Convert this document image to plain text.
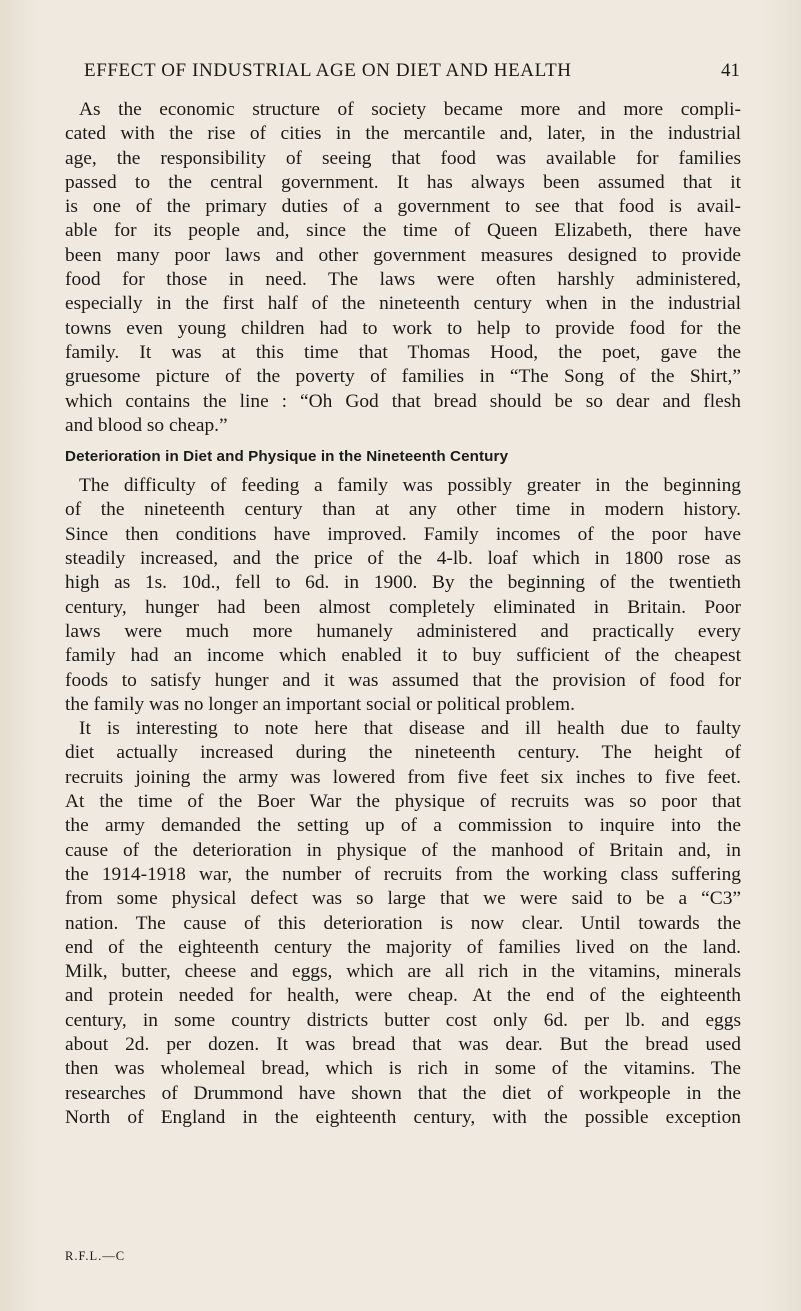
EFFECT OF INDUSTRIAL AGE ON DIET AND HEALTH	41
As the economic structure of society became more and more compli-
cated with the rise of cities in the mercantile and, later, in the industrial
age, the responsibility of seeing that food was available for families
passed to the central government. It has always been assumed that it
is one of the primary duties of a government to see that food is avail-
able for its people and, since the time of Queen Elizabeth, there have
been many poor laws and other government measures designed to provide
food for those in need. The laws were often harshly administered,
especially in the first half of the nineteenth century when in the industrial
towns even young children had to work to help to provide food for the
family. It was at this time that Thomas Hood, the poet, gave the
gruesome picture of the poverty of families in “The Song of the Shirt,”
which contains the line : “Oh God that bread should be so dear and flesh
and blood so cheap.”
Deterioration in Diet and Physique in the Nineteenth Century
The difficulty of feeding a family was possibly greater in the beginning
of the nineteenth century than at any other time in modern history.
Since then conditions have improved. Family incomes of the poor have
steadily increased, and the price of the 4-lb. loaf which in 1800 rose as
high as 1s. 10d., fell to 6d. in 1900. By the beginning of the twentieth
century, hunger had been almost completely eliminated in Britain. Poor
laws were much more humanely administered and practically every
family had an income which enabled it to buy sufficient of the cheapest
foods to satisfy hunger and it was assumed that the provision of food for
the family was no longer an important social or political problem.
It is interesting to note here that disease and ill health due to faulty
diet actually increased during the nineteenth century. The height of
recruits joining the army was lowered from five feet six inches to five feet.
At the time of the Boer War the physique of recruits was so poor that
the army demanded the setting up of a commission to inquire into the
cause of the deterioration in physique of the manhood of Britain and, in
the 1914-1918 war, the number of recruits from the working class suffering
from some physical defect was so large that we were said to be a “C3”
nation. The cause of this deterioration is now clear. Until towards the
end of the eighteenth century the majority of families lived on the land.
Milk, butter, cheese and eggs, which are all rich in the vitamins, minerals
and protein needed for health, were cheap. At the end of the eighteenth
century, in some country districts butter cost only 6d. per lb. and eggs
about 2d. per dozen. It was bread that was dear. But the bread used
then was wholemeal bread, which is rich in some of the vitamins. The
researches of Drummond have shown that the diet of workpeople in the
North of England in the eighteenth century, with the possible exception
R.F.L.—C
